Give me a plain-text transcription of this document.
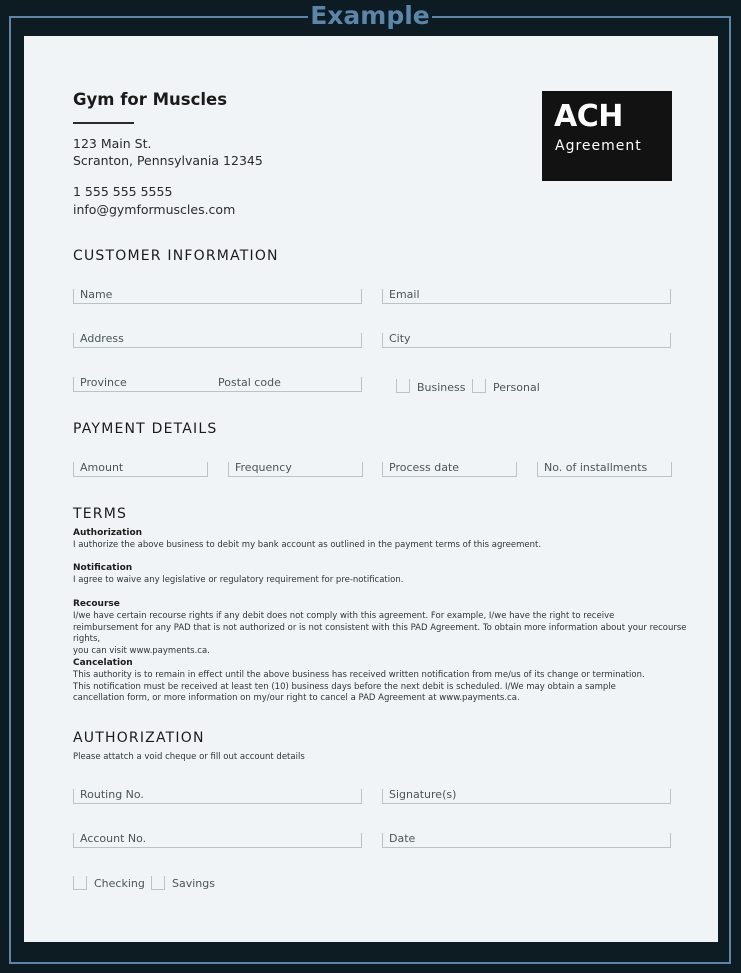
Example
Gym for Muscles
123 Main St.
Scranton, Pennsylvania 12345
1 555 555 5555
info@gymformuscles.com
ACH
Agreement
CUSTOMER INFORMATION
Name	Email
Address	City
Province	Postal code	Business Personal
PAYMENT DETAILS
Amount	Frequency	Process date	No. of installments
TERMS
Authorization
I authorize the above business to debit my bank account as outlined in the payment terms of this agreement.
Notification
I agree to waive any legislative or regulatory requirement for pre-notification.
Recourse
I/we have certain recourse rights if any debit does not comply with this agreement. For example, I/we have the right to receive
reimbursement for any PAD that is not authorized or is not consistent with this PAD Agreement. To obtain more information about your recourse rights,
you can visit www.payments.ca.
Cancelation
This authority is to remain in effect until the above business has received written notification from me/us of its change or termination.
This notification must be received at least ten (10) business days before the next debit is scheduled. I/We may obtain a sample
cancellation form, or more information on my/our right to cancel a PAD Agreement at www.payments.ca.
AUTHORIZATION
Please attatch a void cheque or fill out account details
Routing No.	Signature(s)
Account No.	Date
Checking Savings
